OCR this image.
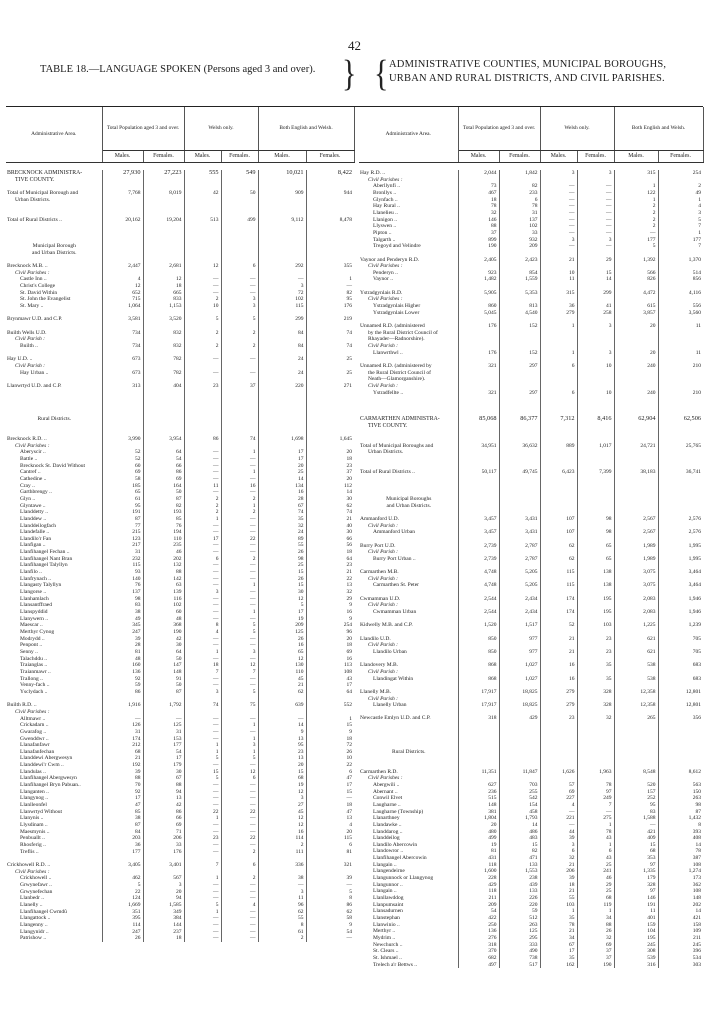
42
TABLE 18.—LANGUAGE SPOKEN (Persons aged 3 and over). } { ADMINISTRATIVE COUNTIES, MUNICIPAL BOROUGHS, URBAN AND RURAL DISTRICTS, AND CIVIL PARISHES.
Administrative Area.	Total Population aged 3 and over.		Welsh only.		Both English and Welsh.	
	Males.	Females.	Males.	Females.	Males.	Females.

BRECKNOCK ADMINISTRA-	27,930	27,223	555	549	10,021	8,422
TIVE COUNTY.						

Total of Municipal Borough and	7,768	8,019	42	50	909	944
Urban Districts.						

Total of Rural Districts ..	20,162	19,204	513	499	9,112	8,478

Municipal Borough						
and Urban Districts.						

Brecknock M.B. ..	2,447	2,681	12	6	292	355
Civil Parishes :						
Castle Inn ..	4	12	—	—	—	1
Christ's College	12	18	—	—	3	—
St. David Within	652	665	—	—	72	82
St. John the Evangelist	715	833	2	3	102	95
St. Mary ..	1,064	1,153	10	3	115	176

Brynmawr U.D. and C.P.	3,581	3,520	5	5	299	219

Builth Wells U.D.	734	832	2	2	84	74
Civil Parish :						
Builth ..	734	832	2	2	84	74

Hay U.D. ..	673	782	—	—	24	25
Civil Parish :						
Hay Urban ..	673	782	—	—	24	25

Llanwrtyd U.D. and C.P.	313	404	23	37	220	271

Rural Districts.						

Brecknock R.D. ..	3,990	3,954	86	74	1,698	1,645
Civil Parishes :						
Aberyscir ..	52	64	—	1	17	20
Battle ..	52	54	—	—	17	18
Brecknock St. David Without	60	66	—	—	20	23
Cantref ..	69	86	—	1	25	37
Cathedine ..	58	69	—	—	14	20
Cray ..	185	164	11	16	134	112
Garthbrengy ..	65	50	—	—	16	14
Glyn ..	61	87	2	2	28	30
Glyntawe ..	95	82	2	1	67	62
Llanddetty ..	191	193	2	2	74	74
Llanddew ..	87	85	1	—	35	21
Llanddeilogfach	77	76	—	—	32	40
Llandefalle ..	215	194	—	—	24	30
Llandilo'r Fan	123	110	17	22	89	66
Llanfigan ..	217	235	—	—	55	56
Llanfihangel Fechan ..	31	46	—	—	26	18
Llanfihangel Nant Bran	232	202	6	2	98	64
Llanfihangel Talyllyn	115	132	—	—	25	23
Llanfilo ..	93	88	—	—	15	21
Llanfrynach ..	140	142	—	—	26	22
Llangasty Talyllyn	76	63	—	1	15	13
Llangorse ..	137	139	3	—	30	32
Llanhamlach	98	116	—	—	12	29
Llansantffraed	83	102	—	—	5	9
Llanspyddid	38	60	—	1	17	16
Llanywern ..	49	48	—	—	19	9
Maescar ..	345	368	8	5	209	254
Merthyr Cynog	247	190	4	5	125	96
Modrydd ..	39	42	—	—	26	20
Penpont ..	28	30	—	—	16	18
Senny ..	81	64	1	3	65	69
Talachddu ..	48	50	—	—	12	16
Traianglas ..	160	147	18	12	130	113
Traianmawr ..	136	148	7	7	110	108
Trallong ..	92	91	—	—	45	43
Venny-fach ..	59	50	—	—	21	17
Ysclydach ..	86	87	3	5	62	64

Builth R.D. ..	1,916	1,792	74	75	639	552
Civil Parishes :						
Alltmawr ..	—	—	—	—	—	1
Crickadarn ..	126	125	—	1	14	15
Gwarafog ..	31	31	—	—	9	9
Gwenddwr ..	174	153	—	1	13	18
Llanafanfawr	212	177	1	3	95	72
Llanafanfechan	68	54	1	1	23	26
Llanddewi Abergwesyn	21	17	5	5	13	10
Llanddewi'r Cwm ..	192	179	—	—	20	22
Llandulas ..	39	30	15	12	15	6
Llanfihangel Abergwesyn	88	67	5	6	68	47
Llanfihangel Bryn Pabuan..	70	88	—	—	19	17
Llanganten ..	92	94	—	—	12	15
Llangynog ..	17	13	—	—	3	—
Llanlleonfel	47	42	—	—	27	18
Llanwrtyd Without	85	86	22	22	45	47
Llanynis ..	38	66	1	—	12	13
Llysdinam ..	87	69	—	—	12	4
Maesmynis ..	84	71	—	—	16	20
Penbuallt ..	203	206	23	22	114	115
Rhosferig ..	36	33	—	—	2	6
Treflis ..	177	176	—	2	111	81

Crickhowell R.D. ..	3,405	3,401	7	6	336	321
Civil Parishes :						
Crickhowell ..	462	567	1	2	38	39
Grwynefawr ..	5	3	—	—	—	—
Grwynefechan	22	20	—	—	3	5
Llanbedr ..	124	94	—	—	11	8
Llanelly ..	1,669	1,585	5	4	96	86
Llanfihangel Cwmdû	351	349	1	—	62	62
Llangattock ..	395	384	—	—	55	58
Llangenny ..	114	144	—	—	8	9
Llangynidr ..	247	237	—	—	61	54
Patrishow ..	26	18	—	—	2	—
Administrative Area.	Total Population aged 3 and over.		Welsh only.		Both English and Welsh.	
	Males.	Females.	Males.	Females.	Males.	Females.

Hay R.D. ..	2,044	1,842	3	3	315	254
Civil Parishes :						
Aberllynfi ..	73	82	—	—	1	2
Bronllys ..	467	233	—	—	122	49
Glynfach ..	18	6	—	—	1	1
Hay Rural ..	78	78	—	—	2	4
Llanelieu ..	32	31	—	—	2	3
Llanigon ..	146	137	—	—	2	5
Llyswen ..	88	102	—	—	2	7
Pipton ..	37	33	—	—	—	1
Talgarth ..	899	932	3	3	177	177
Tregoyd and Velindre	190	209	—	—	5	7

Vaynor and Penderyn R.D.	2,405	2,423	21	29	1,392	1,370
Civil Parishes :						
Penderyn ..	923	854	10	15	566	514
Vaynor ..	1,482	1,559	11	14	826	856

Ystradgynlais R.D.	5,905	5,353	315	299	4,472	4,116
Civil Parishes :						
Ystradgynlais Higher	860	813	36	41	615	556
Ystradgynlais Lower	5,045	4,540	279	258	3,857	3,560

Unnamed R.D. (administered	176	152	1	3	20	11
by the Rural District Council of						
Rhayader—Radnorshire).						
Civil Parish :						
Llanwrthwl ..	176	152	1	3	20	11

Unnamed R.D. (administered by	321	297	6	10	240	210
the Rural District Council of						
Neath—Glamorganshire).						
Civil Parish :						
Ystradfellte ..	321	297	6	10	240	210

CARMARTHEN ADMINISTRA-	85,068	86,377	7,312	8,416	62,904	62,506
TIVE COUNTY.						

Total of Municipal Boroughs and	34,951	36,632	889	1,017	24,721	25,765
Urban Districts.						

Total of Rural Districts ..	50,117	49,745	6,423	7,399	38,183	36,741

Municipal Boroughs						
and Urban Districts.						

Ammanford U.D.	3,457	3,431	107	98	2,567	2,576
Civil Parish :						
Ammanford Urban	3,457	3,431	107	98	2,567	2,576

Burry Port U.D.	2,739	2,787	62	65	1,989	1,995
Civil Parish :						
Burry Port Urban ..	2,739	2,787	62	65	1,989	1,995

Carmarthen M.B.	4,748	5,205	115	138	3,075	3,464
Civil Parish :						
Carmarthen St. Peter	4,748	5,205	115	138	3,075	3,464

Cwmamman U.D.	2,544	2,434	174	195	2,083	1,946
Civil Parish :						
Cwmamman Urban	2,544	2,434	174	195	2,083	1,946

Kidwelly M.B. and C.P.	1,520	1,517	52	103	1,225	1,239

Llandilo U.D.	850	977	21	23	621	705
Civil Parish :						
Llandilo Urban	850	977	21	23	621	705

Llandovery M.B.	868	1,027	16	35	538	683
Civil Parish :						
Llandingat Within	868	1,027	16	35	538	683

Llanelly M.B.	17,917	18,825	279	328	12,358	12,801
Civil Parish :						
Llanelly Urban	17,917	18,825	279	328	12,358	12,801

Newcastle Emlyn U.D. and C.P.	318	429	23	32	265	356

Rural Districts.						

Carmarthen R.D.	11,351	11,847	1,626	1,963	8,548	8,612
Civil Parishes :						
Abergwili ..	627	703	57	78	520	563
Abernant ..	236	255	69	97	157	150
Conwil Elvet	515	542	227	249	252	263
Laugharne ..	148	154	4	7	95	98
Laugharne (Township)	381	458	—	—	83	87
Llanarthney	1,804	1,793	221	275	1,588	1,432
Llandawke ..	20	14	—	1	—	8
Llanddarog ..	480	486	44	78	421	393
Llanddeilog	499	483	39	43	409	408
Llandilo Abercowin	19	15	3	1	15	14
Llandowror ..	81	82	6	6	68	78
Llanfihangel Abercowin	431	471	32	43	353	387
Llangain ..	118	133	21	25	97	108
Llangendeirne	1,600	1,553	206	241	1,335	1,274
Llangunnock or Llangynog	228	238	39	46	179	173
Llangunnor ..	429	439	18	29	328	362
Llangain ..	118	133	21	25	97	108
Llanllawddog	211	226	55	68	146	148
Llanpumsaint	209	220	103	119	191	202
Llansadurnen	54	59	1	1	11	14
Llanstephan	422	512	35	34	401	421
Llanwinio ..	250	263	78	88	159	158
Merthyr ..	136	125	21	26	104	109
Mydrim ..	276	295	34	32	195	211
Newchurch ..	318	333	67	69	245	245
St. Clears ..	370	490	17	37	308	396
St. Ishmael ..	682	738	35	37	539	534
Trelech a'r Bettws ..	497	517	162	190	316	303
